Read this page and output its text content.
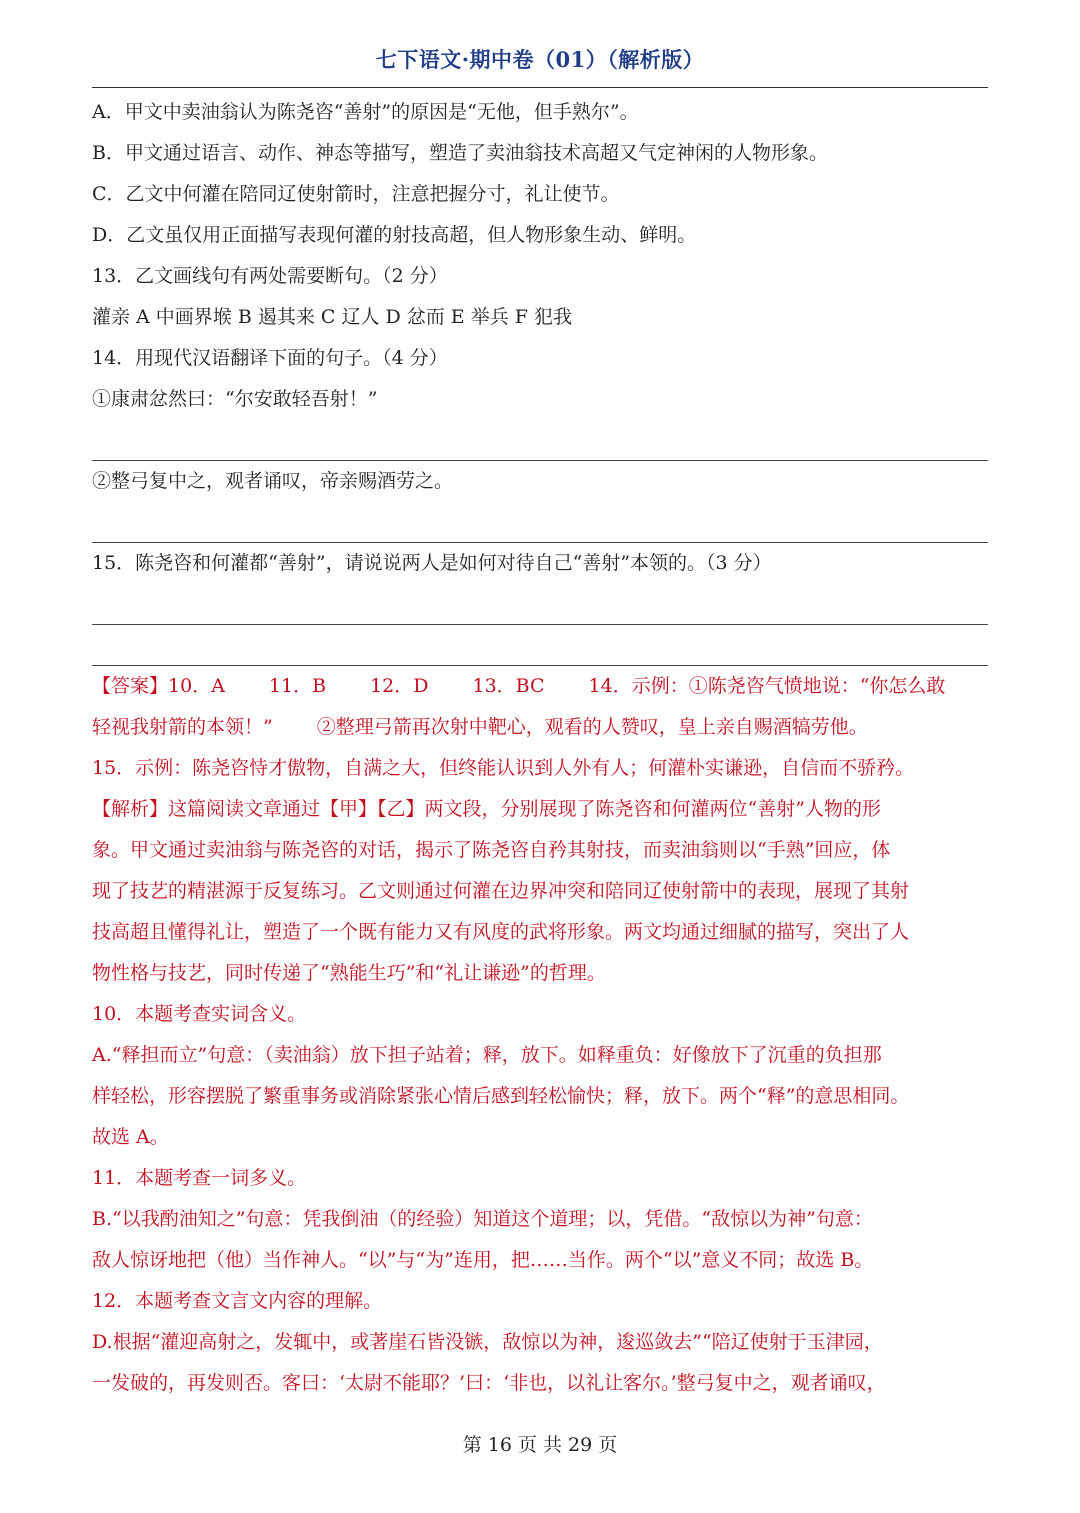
七下语文·期中卷（01）（解析版）
A．甲文中卖油翁认为陈尧咨“善射”的原因是“无他，但手熟尔”。
B．甲文通过语言、动作、神态等描写，塑造了卖油翁技术高超又气定神闲的人物形象。
C．乙文中何灌在陪同辽使射箭时，注意把握分寸，礼让使节。
D．乙文虽仅用正面描写表现何灌的射技高超，但人物形象生动、鲜明。
13．乙文画线句有两处需要断句。（2 分）
灌亲 A 中画界堠 B 遏其来 C 辽人 D 忿而 E 举兵 F 犯我
14．用现代汉语翻译下面的句子。（4 分）
①康肃忿然曰：“尔安敢轻吾射！”
②整弓复中之，观者诵叹，帝亲赐酒劳之。
15．陈尧咨和何灌都“善射”，请说说两人是如何对待自己“善射”本领的。（3 分）
【答案】10．A 11．B 12．D 13．BC 14．示例：①陈尧咨气愤地说：“你怎么敢
轻视我射箭的本领！” ②整理弓箭再次射中靶心，观看的人赞叹，皇上亲自赐酒犒劳他。
15．示例：陈尧咨恃才傲物，自满之大，但终能认识到人外有人；何灌朴实谦逊，自信而不骄矜。
【解析】这篇阅读文章通过【甲】【乙】两文段，分别展现了陈尧咨和何灌两位“善射”人物的形
象。甲文通过卖油翁与陈尧咨的对话，揭示了陈尧咨自矜其射技，而卖油翁则以“手熟”回应，体
现了技艺的精湛源于反复练习。乙文则通过何灌在边界冲突和陪同辽使射箭中的表现，展现了其射
技高超且懂得礼让，塑造了一个既有能力又有风度的武将形象。两文均通过细腻的描写，突出了人
物性格与技艺，同时传递了“熟能生巧”和“礼让谦逊”的哲理。
10．本题考查实词含义。
A.“释担而立”句意：（卖油翁）放下担子站着；释，放下。如释重负：好像放下了沉重的负担那
样轻松，形容摆脱了繁重事务或消除紧张心情后感到轻松愉快；释，放下。两个“释”的意思相同。
故选 A。
11．本题考查一词多义。
B.“以我酌油知之”句意：凭我倒油（的经验）知道这个道理；以，凭借。“敌惊以为神”句意：
敌人惊讶地把（他）当作神人。“以”与“为”连用，把……当作。两个“以”意义不同；故选 B。
12．本题考查文言文内容的理解。
D.根据“灌迎高射之，发辄中，或著崖石皆没镞，敌惊以为神，逡巡敛去”“陪辽使射于玉津园，
一发破的，再发则否。客曰：‘太尉不能耶？’曰：‘非也，以礼让客尔。’整弓复中之，观者诵叹，
第 16 页 共 29 页
